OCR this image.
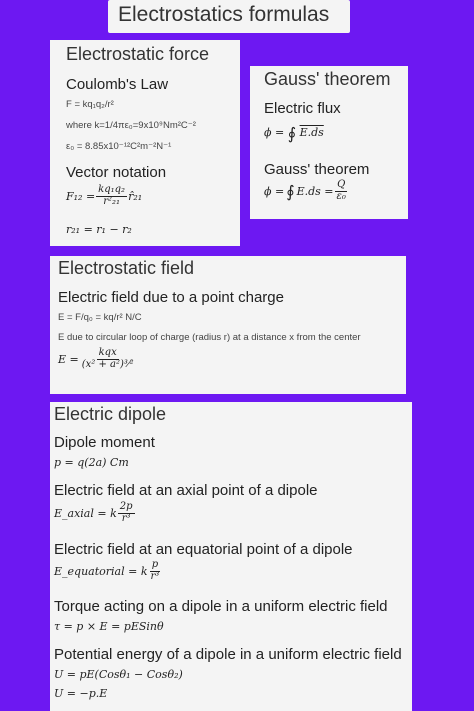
Electrostatics formulas
Electrostatic force
Coulomb's Law
F = kq₁q₂/r²
where k=1/4πε₀=9x10⁹Nm²C⁻²
ε₀ = 8.85x10⁻¹²C²m⁻²N⁻¹
Vector notation
$F_{12} = \frac{\text{kq₁q₂}}{\text{r²₂₁}}$ r̂₂₁
r₂₁ = r₁ − r₂
Gauss' theorem
Electric flux
ϕ = ∮ E.ds
Gauss' theorem
ϕ = ∮ $E.ds = \frac{Q}{\text{ε₀}}$
Electrostatic field
Electric field due to a point charge
E = F/q₀ = kq/r² N/C
E due to circular loop of charge (radius r) at a distance x from the center
$E = \frac{\text{kqx}}{\text{(x² + a²)³⁄²}}$
Electric dipole
Dipole moment
p = q(2a) Cm
Electric field at an axial point of a dipole
E_axial = k $\frac{2p}{\text{r³}}$
Electric field at an equatorial point of a dipole
E_equatorial = k $\frac{p}{\text{r³}}$
Torque acting on a dipole in a uniform electric field
τ = p × E = pESinθ
Potential energy of a dipole in a uniform electric field
U = pE(Cosθ₁ − Cosθ₂)
U = −p.E
